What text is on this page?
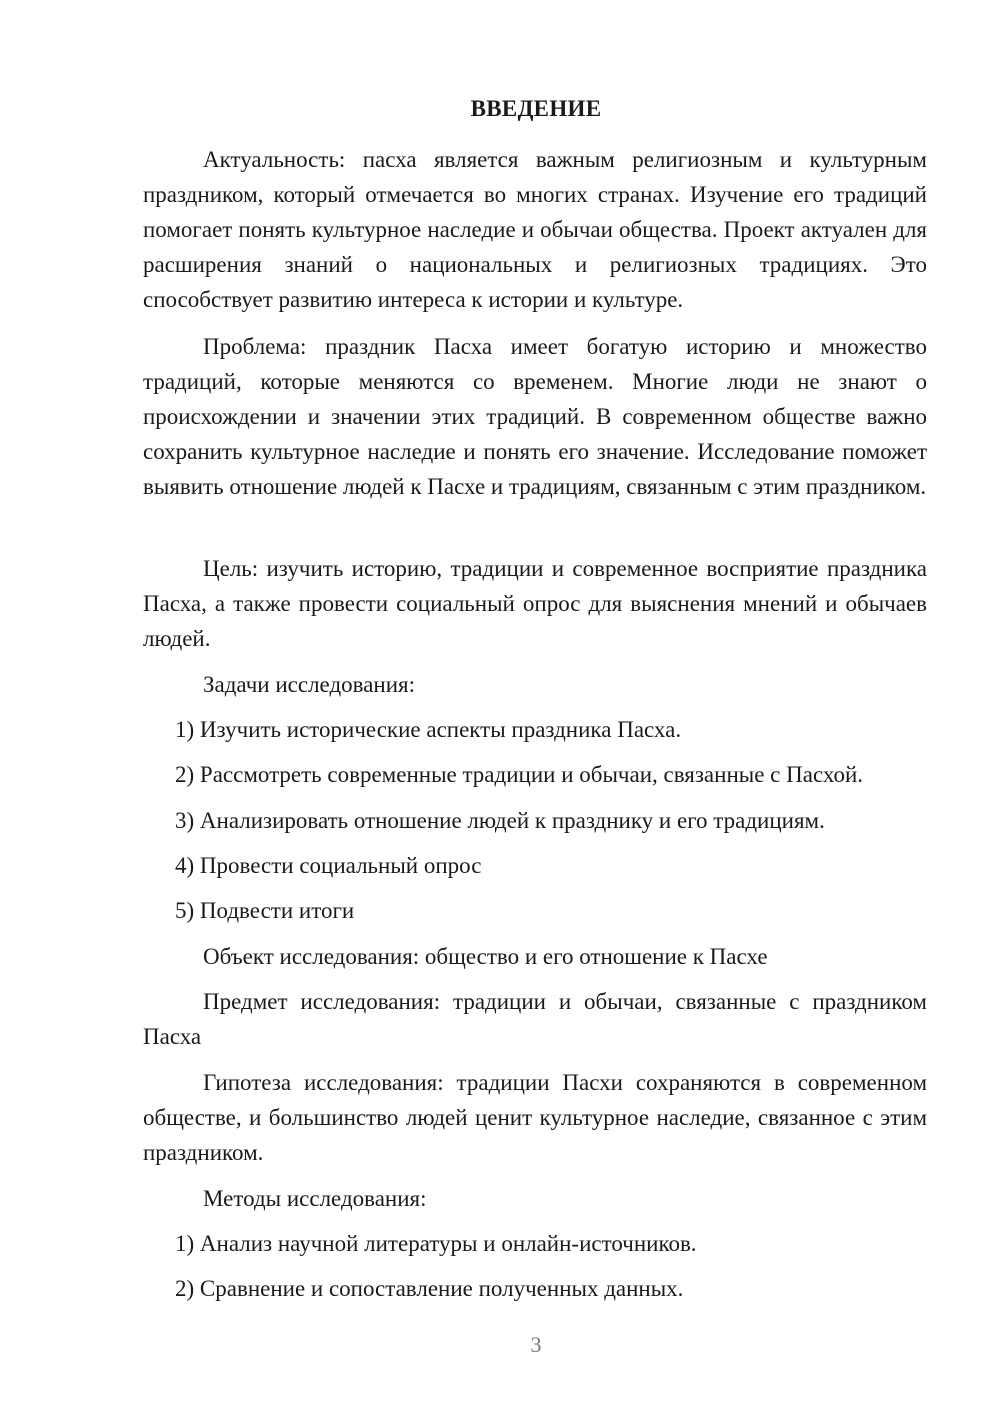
ВВЕДЕНИЕ

Актуальность: пасха является важным религиозным и культурным праздником, который отмечается во многих странах. Изучение его традиций помогает понять культурное наследие и обычаи общества. Проект актуален для расширения знаний о национальных и религиозных традициях. Это способствует развитию интереса к истории и культуре.

Проблема: праздник Пасха имеет богатую историю и множество традиций, которые меняются со временем. Многие люди не знают о происхождении и значении этих традиций. В современном обществе важно сохранить культурное наследие и понять его значение. Исследование поможет выявить отношение людей к Пасхе и традициям, связанным с этим праздником.

Цель: изучить историю, традиции и современное восприятие праздника Пасха, а также провести социальный опрос для выяснения мнений и обычаев людей.

Задачи исследования:

1) Изучить исторические аспекты праздника Пасха.

2) Рассмотреть современные традиции и обычаи, связанные с Пасхой.

3) Анализировать отношение людей к празднику и его традициям.

4) Провести социальный опрос

5) Подвести итоги

Объект исследования: общество и его отношение к Пасхе

Предмет исследования: традиции и обычаи, связанные с праздником Пасха

Гипотеза исследования: традиции Пасхи сохраняются в современном обществе, и большинство людей ценит культурное наследие, связанное с этим праздником.

Методы исследования:

1) Анализ научной литературы и онлайн-источников.

2) Сравнение и сопоставление полученных данных.

3
